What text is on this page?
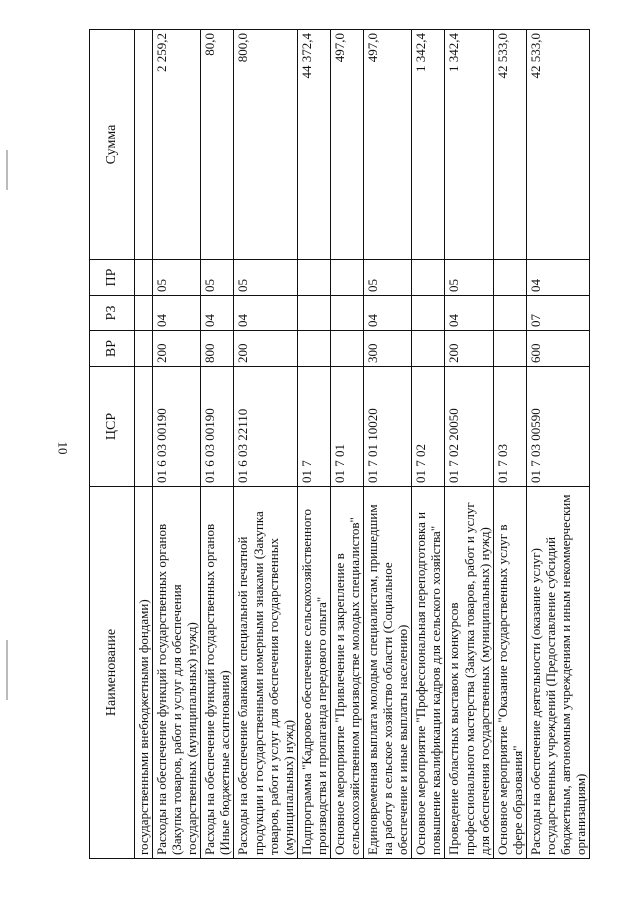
10
Наименование	ЦСР	ВР	РЗ	ПР	Сумма
государственными внебюджетными фондами)					
Расходы на обеспечение функций государственных органов (Закупка товаров, работ и услуг для обеспечения государственных (муниципальных) нужд)	01 6 03 00190	200	04	05	2 259,2
Расходы на обеспечение функций государственных органов (Иные бюджетные ассигнования)	01 6 03 00190	800	04	05	80,0
Расходы на обеспечение бланками специальной печатной продукции и государственными номерными знаками (Закупка товаров, работ и услуг для обеспечения государственных (муниципальных) нужд)	01 6 03 22110	200	04	05	800,0
Подпрограмма "Кадровое обеспечение сельскохозяйственного производства и пропаганда передового опыта"	01 7				44 372,4
Основное мероприятие "Привлечение и закрепление в сельскохозяйственном производстве молодых специалистов"	01 7 01				497,0
Единовременная выплата молодым специалистам, пришедшим на работу в сельское хозяйство области (Социальное обеспечение и иные выплаты населению)	01 7 01 10020	300	04	05	497,0
Основное мероприятие "Профессиональная переподготовка и повышение квалификации кадров для сельского хозяйства"	01 7 02				1 342,4
Проведение областных выставок и конкурсов профессионального мастерства (Закупка товаров, работ и услуг для обеспечения государственных (муниципальных) нужд)	01 7 02 20050	200	04	05	1 342,4
Основное мероприятие "Оказание государственных услуг в сфере образования"	01 7 03				42 533,0
Расходы на обеспечение деятельности (оказание услуг) государственных учреждений (Предоставление субсидий бюджетным, автономным учреждениям и иным некоммерческим организациям)	01 7 03 00590	600	07	04	42 533,0
